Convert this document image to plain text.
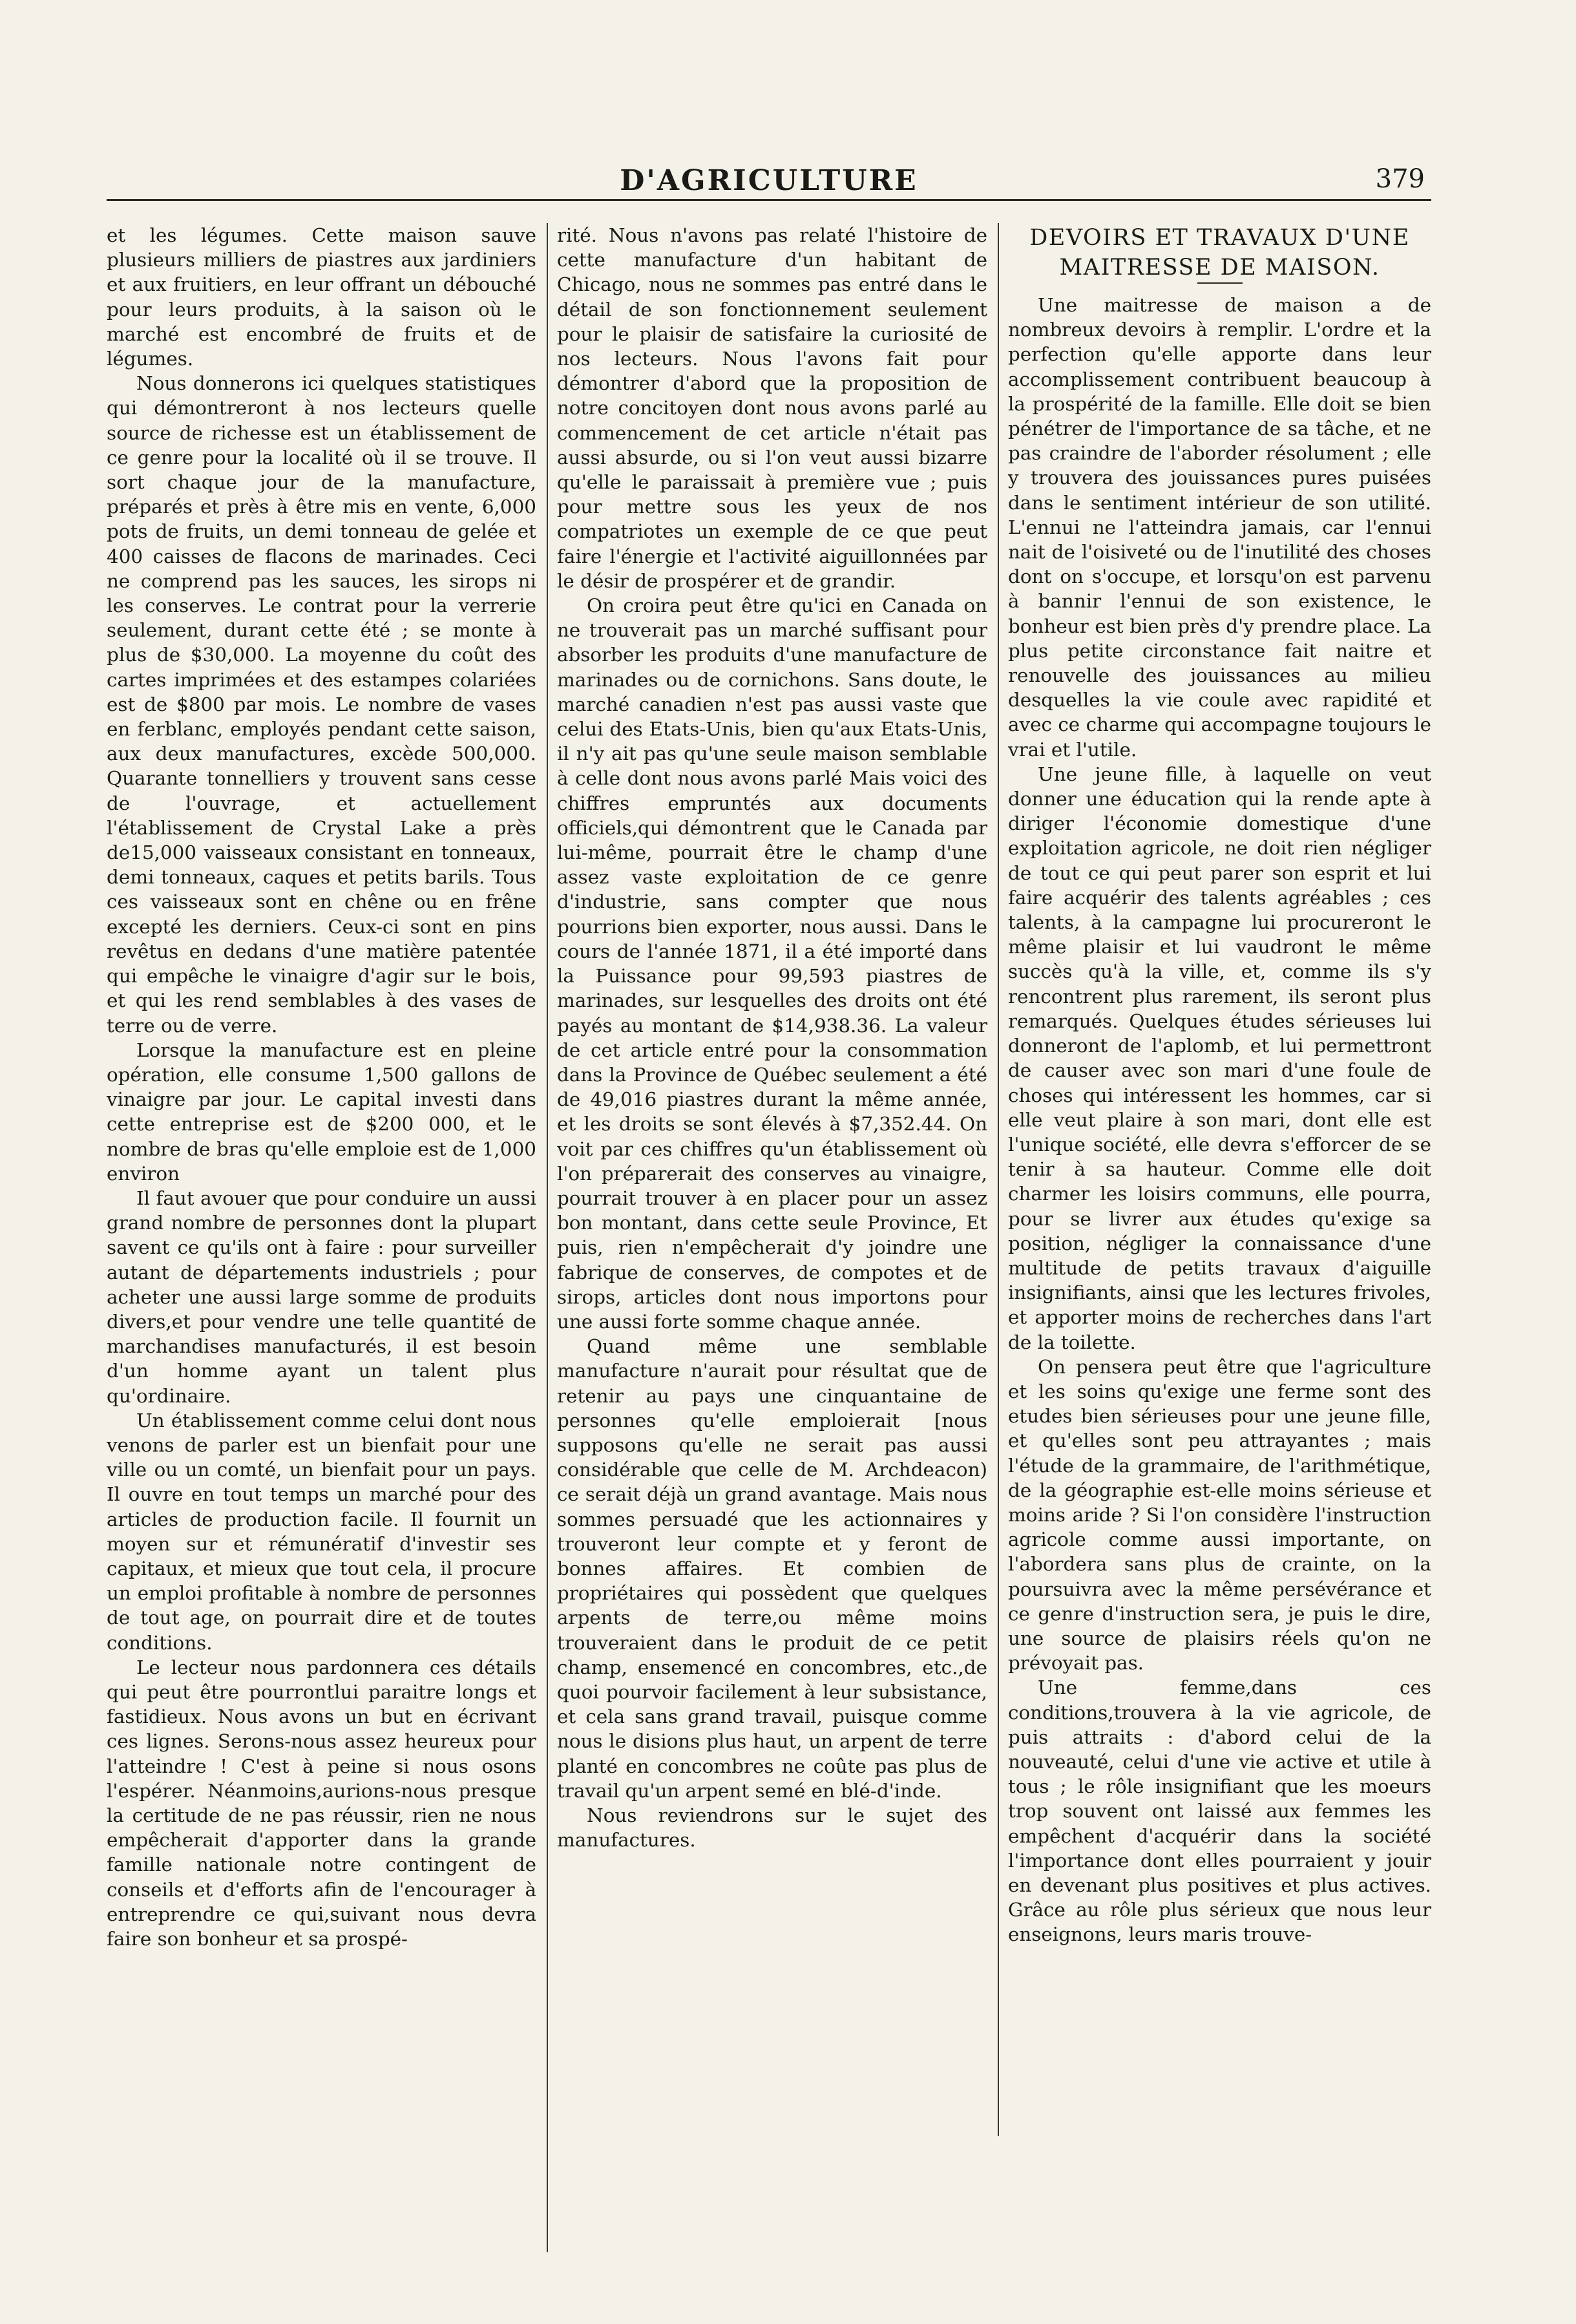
D'AGRICULTURE	379

et les légumes. Cette maison sauve plusieurs milliers de piastres aux jardiniers et aux fruitiers, en leur offrant un débouché pour leurs produits, à la saison où le marché est encombré de fruits et de légumes.

Nous donnerons ici quelques statistiques qui démontreront à nos lecteurs quelle source de richesse est un établissement de ce genre pour la localité où il se trouve. Il sort chaque jour de la manufacture, préparés et près à être mis en vente, 6,000 pots de fruits, un demi tonneau de gelée et 400 caisses de flacons de marinades. Ceci ne comprend pas les sauces, les sirops ni les conserves. Le contrat pour la verrerie seulement, durant cette été ; se monte à plus de $30,000. La moyenne du coût des cartes imprimées et des estampes colariées est de $800 par mois. Le nombre de vases en ferblanc, employés pendant cette saison, aux deux manufactures, excède 500,000. Quarante tonnelliers y trouvent sans cesse de l'ouvrage, et actuellement l'établissement de Crystal Lake a près de15,000 vaisseaux consistant en tonneaux, demi tonneaux, caques et petits barils. Tous ces vaisseaux sont en chêne ou en frêne excepté les derniers. Ceux-ci sont en pins revêtus en dedans d'une matière patentée qui empêche le vinaigre d'agir sur le bois, et qui les rend semblables à des vases de terre ou de verre.

Lorsque la manufacture est en pleine opération, elle consume 1,500 gallons de vinaigre par jour. Le capital investi dans cette entreprise est de $200 000, et le nombre de bras qu'elle emploie est de 1,000 environ

Il faut avouer que pour conduire un aussi grand nombre de personnes dont la plupart savent ce qu'ils ont à faire : pour surveiller autant de départements industriels ; pour acheter une aussi large somme de produits divers,et pour vendre une telle quantité de marchandises manufacturés, il est besoin d'un homme ayant un talent plus qu'ordinaire.

Un établissement comme celui dont nous venons de parler est un bienfait pour une ville ou un comté, un bienfait pour un pays. Il ouvre en tout temps un marché pour des articles de production facile. Il fournit un moyen sur et rémunératif d'investir ses capitaux, et mieux que tout cela, il procure un emploi profitable à nombre de personnes de tout age, on pourrait dire et de toutes conditions.

Le lecteur nous pardonnera ces détails qui peut être pourrontlui paraitre longs et fastidieux. Nous avons un but en écrivant ces lignes. Serons-nous assez heureux pour l'atteindre ! C'est à peine si nous osons l'espérer. Néanmoins,aurions-nous presque la certitude de ne pas réussir, rien ne nous empêcherait d'apporter dans la grande famille nationale notre contingent de conseils et d'efforts afin de l'encourager à entreprendre ce qui,suivant nous devra faire son bonheur et sa prospé-

rité. Nous n'avons pas relaté l'histoire de cette manufacture d'un habitant de Chicago, nous ne sommes pas entré dans le détail de son fonctionnement seulement pour le plaisir de satisfaire la curiosité de nos lecteurs. Nous l'avons fait pour démontrer d'abord que la proposition de notre concitoyen dont nous avons parlé au commencement de cet article n'était pas aussi absurde, ou si l'on veut aussi bizarre qu'elle le paraissait à première vue ; puis pour mettre sous les yeux de nos compatriotes un exemple de ce que peut faire l'énergie et l'activité aiguillonnées par le désir de prospérer et de grandir.

On croira peut être qu'ici en Canada on ne trouverait pas un marché suffisant pour absorber les produits d'une manufacture de marinades ou de cornichons. Sans doute, le marché canadien n'est pas aussi vaste que celui des Etats-Unis, bien qu'aux Etats-Unis, il n'y ait pas qu'une seule maison semblable à celle dont nous avons parlé Mais voici des chiffres empruntés aux documents officiels,qui démontrent que le Canada par lui-même, pourrait être le champ d'une assez vaste exploitation de ce genre d'industrie, sans compter que nous pourrions bien exporter, nous aussi. Dans le cours de l'année 1871, il a été importé dans la Puissance pour 99,593 piastres de marinades, sur lesquelles des droits ont été payés au montant de $14,938.36. La valeur de cet article entré pour la consommation dans la Province de Québec seulement a été de 49,016 piastres durant la même année, et les droits se sont élevés à $7,352.44. On voit par ces chiffres qu'un établissement où l'on préparerait des conserves au vinaigre, pourrait trouver à en placer pour un assez bon montant, dans cette seule Province, Et puis, rien n'empêcherait d'y joindre une fabrique de conserves, de compotes et de sirops, articles dont nous importons pour une aussi forte somme chaque année.

Quand même une semblable manufacture n'aurait pour résultat que de retenir au pays une cinquantaine de personnes qu'elle emploierait [nous supposons qu'elle ne serait pas aussi considérable que celle de M. Archdeacon) ce serait déjà un grand avantage. Mais nous sommes persuadé que les actionnaires y trouveront leur compte et y feront de bonnes affaires. Et combien de propriétaires qui possèdent que quelques arpents de terre,ou même moins trouveraient dans le produit de ce petit champ, ensemencé en concombres, etc.,de quoi pourvoir facilement à leur subsistance, et cela sans grand travail, puisque comme nous le disions plus haut, un arpent de terre planté en concombres ne coûte pas plus de travail qu'un arpent semé en blé-d'inde.

Nous reviendrons sur le sujet des manufactures.

DEVOIRS ET TRAVAUX D'UNE MAITRESSE DE MAISON.

Une maitresse de maison a de nombreux devoirs à remplir. L'ordre et la perfection qu'elle apporte dans leur accomplissement contribuent beaucoup à la prospérité de la famille. Elle doit se bien pénétrer de l'importance de sa tâche, et ne pas craindre de l'aborder résolument ; elle y trouvera des jouissances pures puisées dans le sentiment intérieur de son utilité. L'ennui ne l'atteindra jamais, car l'ennui nait de l'oisiveté ou de l'inutilité des choses dont on s'occupe, et lorsqu'on est parvenu à bannir l'ennui de son existence, le bonheur est bien près d'y prendre place. La plus petite circonstance fait naitre et renouvelle des jouissances au milieu desquelles la vie coule avec rapidité et avec ce charme qui accompagne toujours le vrai et l'utile.

Une jeune fille, à laquelle on veut donner une éducation qui la rende apte à diriger l'économie domestique d'une exploitation agricole, ne doit rien négliger de tout ce qui peut parer son esprit et lui faire acquérir des talents agréables ; ces talents, à la campagne lui procureront le même plaisir et lui vaudront le même succès qu'à la ville, et, comme ils s'y rencontrent plus rarement, ils seront plus remarqués. Quelques études sérieuses lui donneront de l'aplomb, et lui permettront de causer avec son mari d'une foule de choses qui intéressent les hommes, car si elle veut plaire à son mari, dont elle est l'unique société, elle devra s'efforcer de se tenir à sa hauteur. Comme elle doit charmer les loisirs communs, elle pourra, pour se livrer aux études qu'exige sa position, négliger la connaissance d'une multitude de petits travaux d'aiguille insignifiants, ainsi que les lectures frivoles, et apporter moins de recherches dans l'art de la toilette.

On pensera peut être que l'agriculture et les soins qu'exige une ferme sont des etudes bien sérieuses pour une jeune fille, et qu'elles sont peu attrayantes ; mais l'étude de la grammaire, de l'arithmétique, de la géographie est-elle moins sérieuse et moins aride ? Si l'on considère l'instruction agricole comme aussi importante, on l'abordera sans plus de crainte, on la poursuivra avec la même persévérance et ce genre d'instruction sera, je puis le dire, une source de plaisirs réels qu'on ne prévoyait pas.

Une femme,dans ces conditions,trouvera à la vie agricole, de puis attraits : d'abord celui de la nouveauté, celui d'une vie active et utile à tous ; le rôle insignifiant que les moeurs trop souvent ont laissé aux femmes les empêchent d'acquérir dans la société l'importance dont elles pourraient y jouir en devenant plus positives et plus actives. Grâce au rôle plus sérieux que nous leur enseignons, leurs maris trouve-
